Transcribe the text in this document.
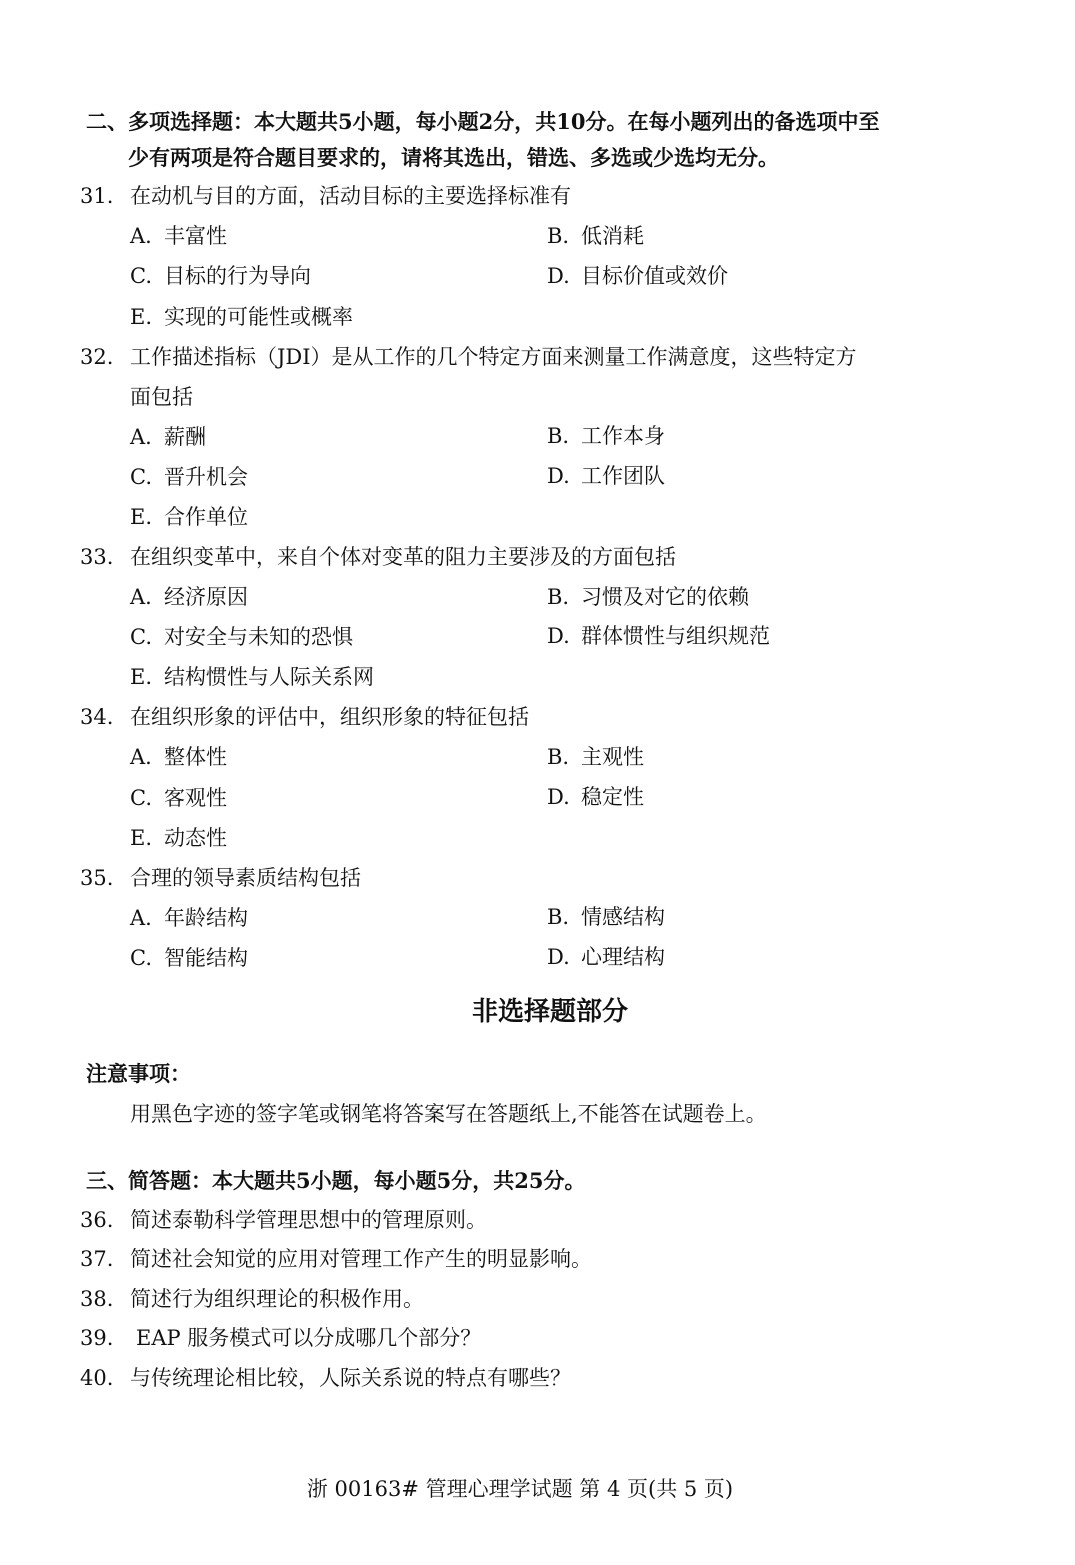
二、多项选择题：本大题共5小题，每小题2分，共10分。在每小题列出的备选项中至
少有两项是符合题目要求的，请将其选出，错选、多选或少选均无分。
31. 在动机与目的方面，活动目标的主要选择标准有
A. 丰富性	B. 低消耗
C. 目标的行为导向	D. 目标价值或效价
E. 实现的可能性或概率
32. 工作描述指标（JDI）是从工作的几个特定方面来测量工作满意度，这些特定方
面包括
A. 薪酬	B. 工作本身
C. 晋升机会	D. 工作团队
E. 合作单位
33. 在组织变革中，来自个体对变革的阻力主要涉及的方面包括
A. 经济原因	B. 习惯及对它的依赖
C. 对安全与未知的恐惧	D. 群体惯性与组织规范
E. 结构惯性与人际关系网
34. 在组织形象的评估中，组织形象的特征包括
A. 整体性	B. 主观性
C. 客观性	D. 稳定性
E. 动态性
35. 合理的领导素质结构包括
A. 年龄结构	B. 情感结构
C. 智能结构	D. 心理结构
非选择题部分
注意事项：
用黑色字迹的签字笔或钢笔将答案写在答题纸上,不能答在试题卷上。
三、简答题：本大题共5小题，每小题5分，共25分。
36. 简述泰勒科学管理思想中的管理原则。
37. 简述社会知觉的应用对管理工作产生的明显影响。
38. 简述行为组织理论的积极作用。
39. EAP 服务模式可以分成哪几个部分？
40. 与传统理论相比较，人际关系说的特点有哪些？
浙 00163# 管理心理学试题 第 4 页(共 5 页)
